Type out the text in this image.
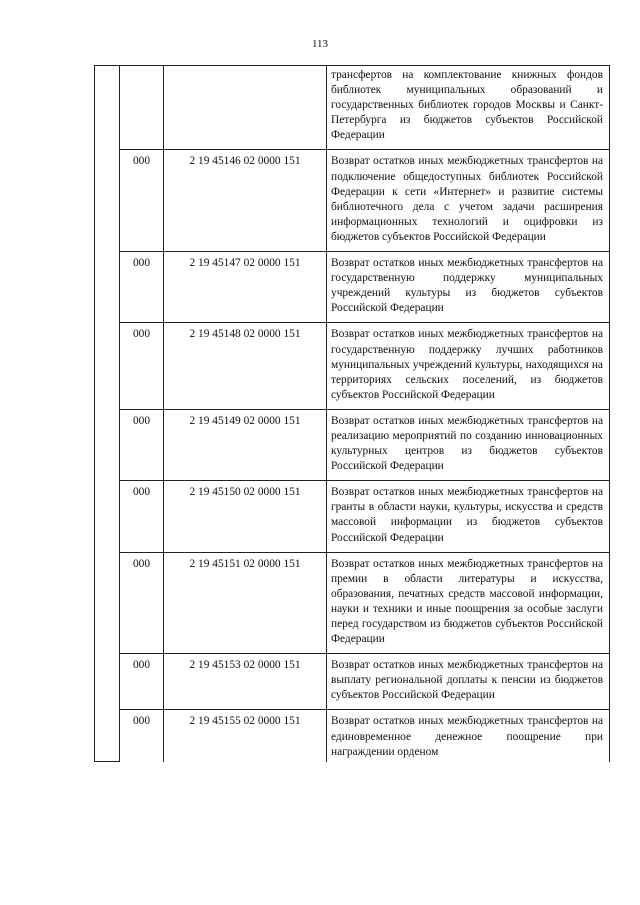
113
			трансфертов на комплектование книжных фондов библиотек муниципальных образований и государственных библиотек городов Москвы и Санкт-Петербурга из бюджетов субъектов Российской Федерации
	000	2 19 45146 02 0000 151	Возврат остатков иных межбюджетных трансфертов на подключение общедоступных библиотек Российской Федерации к сети «Интернет» и развитие системы библиотечного дела с учетом задачи расширения информационных технологий и оцифровки из бюджетов субъектов Российской Федерации
	000	2 19 45147 02 0000 151	Возврат остатков иных межбюджетных трансфертов на государственную поддержку муниципальных учреждений культуры из бюджетов субъектов Российской Федерации
	000	2 19 45148 02 0000 151	Возврат остатков иных межбюджетных трансфертов на государственную поддержку лучших работников муниципальных учреждений культуры, находящихся на территориях сельских поселений, из бюджетов субъектов Российской Федерации
	000	2 19 45149 02 0000 151	Возврат остатков иных межбюджетных трансфертов на реализацию мероприятий по созданию инновационных культурных центров из бюджетов субъектов Российской Федерации
	000	2 19 45150 02 0000 151	Возврат остатков иных межбюджетных трансфертов на гранты в области науки, культуры, искусства и средств массовой информации из бюджетов субъектов Российской Федерации
	000	2 19 45151 02 0000 151	Возврат остатков иных межбюджетных трансфертов на премии в области литературы и искусства, образования, печатных средств массовой информации, науки и техники и иные поощрения за особые заслуги перед государством из бюджетов субъектов Российской Федерации
	000	2 19 45153 02 0000 151	Возврат остатков иных межбюджетных трансфертов на выплату региональной доплаты к пенсии из бюджетов субъектов Российской Федерации
	000	2 19 45155 02 0000 151	Возврат остатков иных межбюджетных трансфертов на единовременное денежное поощрение при награждении орденом
